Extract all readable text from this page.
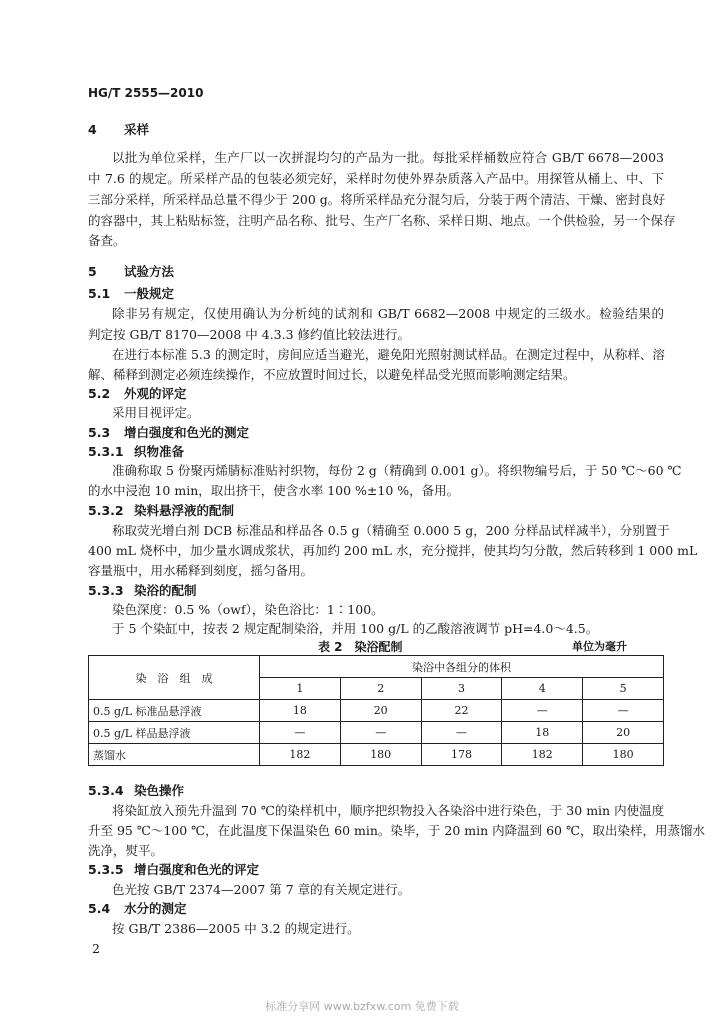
HG/T 2555—2010
4 采样
以批为单位采样，生产厂以一次拼混均匀的产品为一批。每批采样桶数应符合 GB/T 6678—2003
中 7.6 的规定。所采样产品的包装必须完好，采样时勿使外界杂质落入产品中。用探管从桶上、中、下
三部分采样，所采样品总量不得少于 200 g。将所采样品充分混匀后，分装于两个清洁、干燥、密封良好
的容器中，其上粘贴标签，注明产品名称、批号、生产厂名称、采样日期、地点。一个供检验，另一个保存
备查。
5 试验方法
5.1 一般规定
除非另有规定，仅使用确认为分析纯的试剂和 GB/T 6682—2008 中规定的三级水。检验结果的
判定按 GB/T 8170—2008 中 4.3.3 修约值比较法进行。
在进行本标准 5.3 的测定时，房间应适当避光，避免阳光照射测试样品。在测定过程中，从称样、溶
解、稀释到测定必须连续操作，不应放置时间过长，以避免样品受光照而影响测定结果。
5.2 外观的评定
采用目视评定。
5.3 增白强度和色光的测定
5.3.1 织物准备
准确称取 5 份聚丙烯腈标准贴衬织物，每份 2 g（精确到 0.001 g）。将织物编号后，于 50 ℃～60 ℃
的水中浸泡 10 min，取出挤干，使含水率 100 %±10 %，备用。
5.3.2 染料悬浮液的配制
称取荧光增白剂 DCB 标准品和样品各 0.5 g（精确至 0.000 5 g，200 分样品试样减半），分别置于
400 mL 烧杯中，加少量水调成浆状，再加约 200 mL 水，充分搅拌，使其均匀分散，然后转移到 1 000 mL
容量瓶中，用水稀释到刻度，摇匀备用。
5.3.3 染浴的配制
染色深度：0.5 %（owf），染色浴比：1∶100。
于 5 个染缸中，按表 2 规定配制染浴，并用 100 g/L 的乙酸溶液调节 pH=4.0～4.5。
表 2　染浴配制	单位为毫升
染　浴　组　成	染浴中各组分的体积				
	1	2	3	4	5
0.5 g/L 标准品悬浮液	18	20	22	—	—
0.5 g/L 样品悬浮液	—	—	—	18	20
蒸馏水	182	180	178	182	180
5.3.4 染色操作
将染缸放入预先升温到 70 ℃的染样机中，顺序把织物投入各染浴中进行染色，于 30 min 内使温度
升至 95 ℃～100 ℃，在此温度下保温染色 60 min。染毕，于 20 min 内降温到 60 ℃，取出染样，用蒸馏水
洗净，熨平。
5.3.5 增白强度和色光的评定
色光按 GB/T 2374—2007 第 7 章的有关规定进行。
5.4 水分的测定
按 GB/T 2386—2005 中 3.2 的规定进行。
2
标准分享网 www.bzfxw.com 免费下载
